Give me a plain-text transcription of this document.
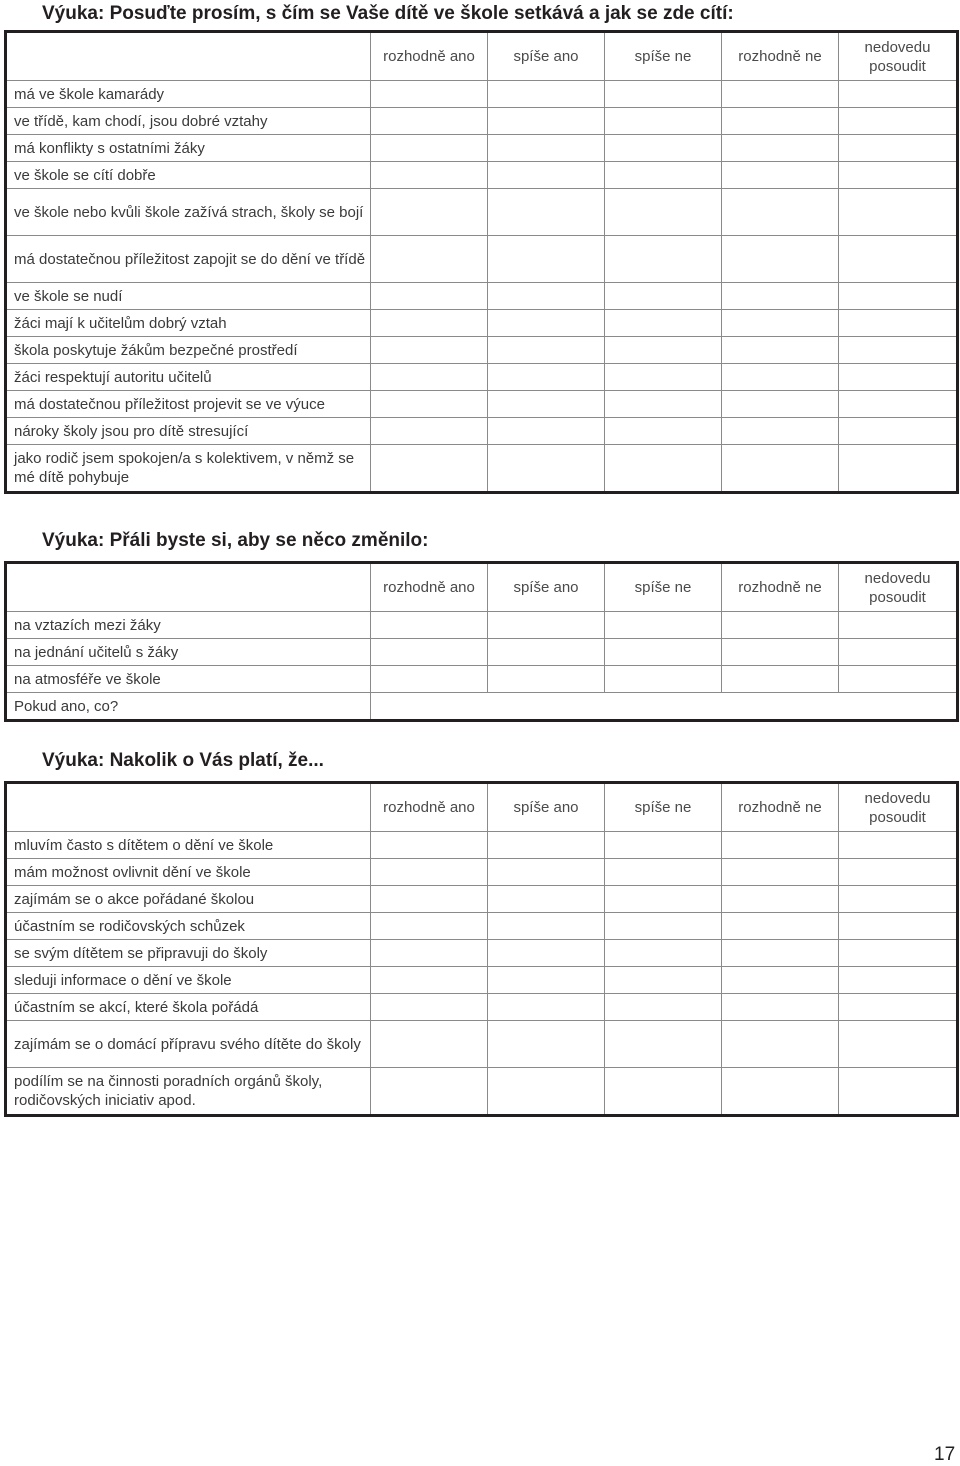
Výuka: Posuďte prosím, s čím se Vaše dítě ve škole setkává a jak se zde cítí:
	rozhodně ano	spíše ano	spíše ne	rozhodně ne	nedovedu posoudit
má ve škole kamarády					
ve třídě, kam chodí, jsou dobré vztahy					
má konflikty s ostatními žáky					
ve škole se cítí dobře					
ve škole nebo kvůli škole zažívá strach, školy se bojí					
má dostatečnou příležitost zapojit se do dění ve třídě					
ve škole se nudí					
žáci mají k učitelům dobrý vztah					
škola poskytuje žákům bezpečné prostředí					
žáci respektují autoritu učitelů					
má dostatečnou příležitost projevit se ve výuce					
nároky školy jsou pro dítě stresující					
jako rodič jsem spokojen/a s kolektivem, v němž se mé dítě pohybuje					
Výuka: Přáli byste si, aby se něco změnilo:
	rozhodně ano	spíše ano	spíše ne	rozhodně ne	nedovedu posoudit
na vztazích mezi žáky					
na jednání učitelů s žáky					
na atmosféře ve škole					
Pokud ano, co?					
Výuka: Nakolik o Vás platí, že...
	rozhodně ano	spíše ano	spíše ne	rozhodně ne	nedovedu posoudit
mluvím často s dítětem o dění ve škole					
mám možnost ovlivnit dění ve škole					
zajímám se o akce pořádané školou					
účastním se rodičovských schůzek					
se svým dítětem se připravuji do školy					
sleduji informace o dění ve škole					
účastním se akcí, které škola pořádá					
zajímám se o domácí přípravu svého dítěte do školy					
podílím se na činnosti poradních orgánů školy, rodičovských iniciativ apod.					

17
